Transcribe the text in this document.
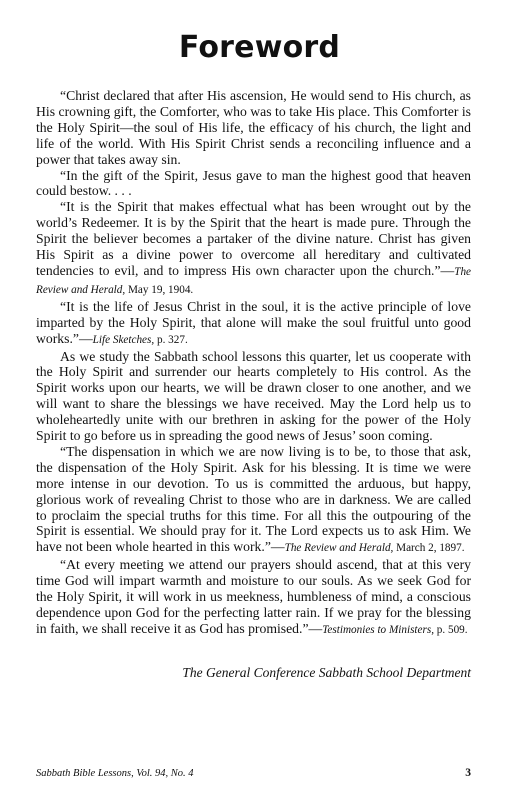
Foreword

“Christ declared that after His ascension, He would send to His church, as His crowning gift, the Comforter, who was to take His place. This Comforter is the Holy Spirit—the soul of His life, the efficacy of his church, the light and life of the world. With His Spirit Christ sends a reconciling influence and a power that takes away sin.

“In the gift of the Spirit, Jesus gave to man the highest good that heaven could bestow. . . .

“It is the Spirit that makes effectual what has been wrought out by the world’s Redeemer. It is by the Spirit that the heart is made pure. Through the Spirit the believer becomes a partaker of the divine nature. Christ has given His Spirit as a divine power to overcome all hereditary and cultivated tendencies to evil, and to impress His own character upon the church.”—The Review and Herald, May 19, 1904.

“It is the life of Jesus Christ in the soul, it is the active principle of love imparted by the Holy Spirit, that alone will make the soul fruitful unto good works.”—Life Sketches, p. 327.

As we study the Sabbath school lessons this quarter, let us cooperate with the Holy Spirit and surrender our hearts completely to His control. As the Spirit works upon our hearts, we will be drawn closer to one another, and we will want to share the blessings we have received. May the Lord help us to wholeheartedly unite with our brethren in asking for the power of the Holy Spirit to go before us in spreading the good news of Jesus’ soon coming.

“The dispensation in which we are now living is to be, to those that ask, the dispensation of the Holy Spirit. Ask for his blessing. It is time we were more intense in our devotion. To us is committed the arduous, but happy, glorious work of revealing Christ to those who are in darkness. We are called to proclaim the special truths for this time. For all this the outpouring of the Spirit is essential. We should pray for it. The Lord expects us to ask Him. We have not been whole hearted in this work.”—The Review and Herald, March 2, 1897.

“At every meeting we attend our prayers should ascend, that at this very time God will impart warmth and moisture to our souls. As we seek God for the Holy Spirit, it will work in us meekness, humbleness of mind, a conscious dependence upon God for the perfecting latter rain. If we pray for the blessing in faith, we shall receive it as God has promised.”—Testimonies to Ministers, p. 509.

The General Conference Sabbath School Department
Sabbath Bible Lessons, Vol. 94, No. 4	3
